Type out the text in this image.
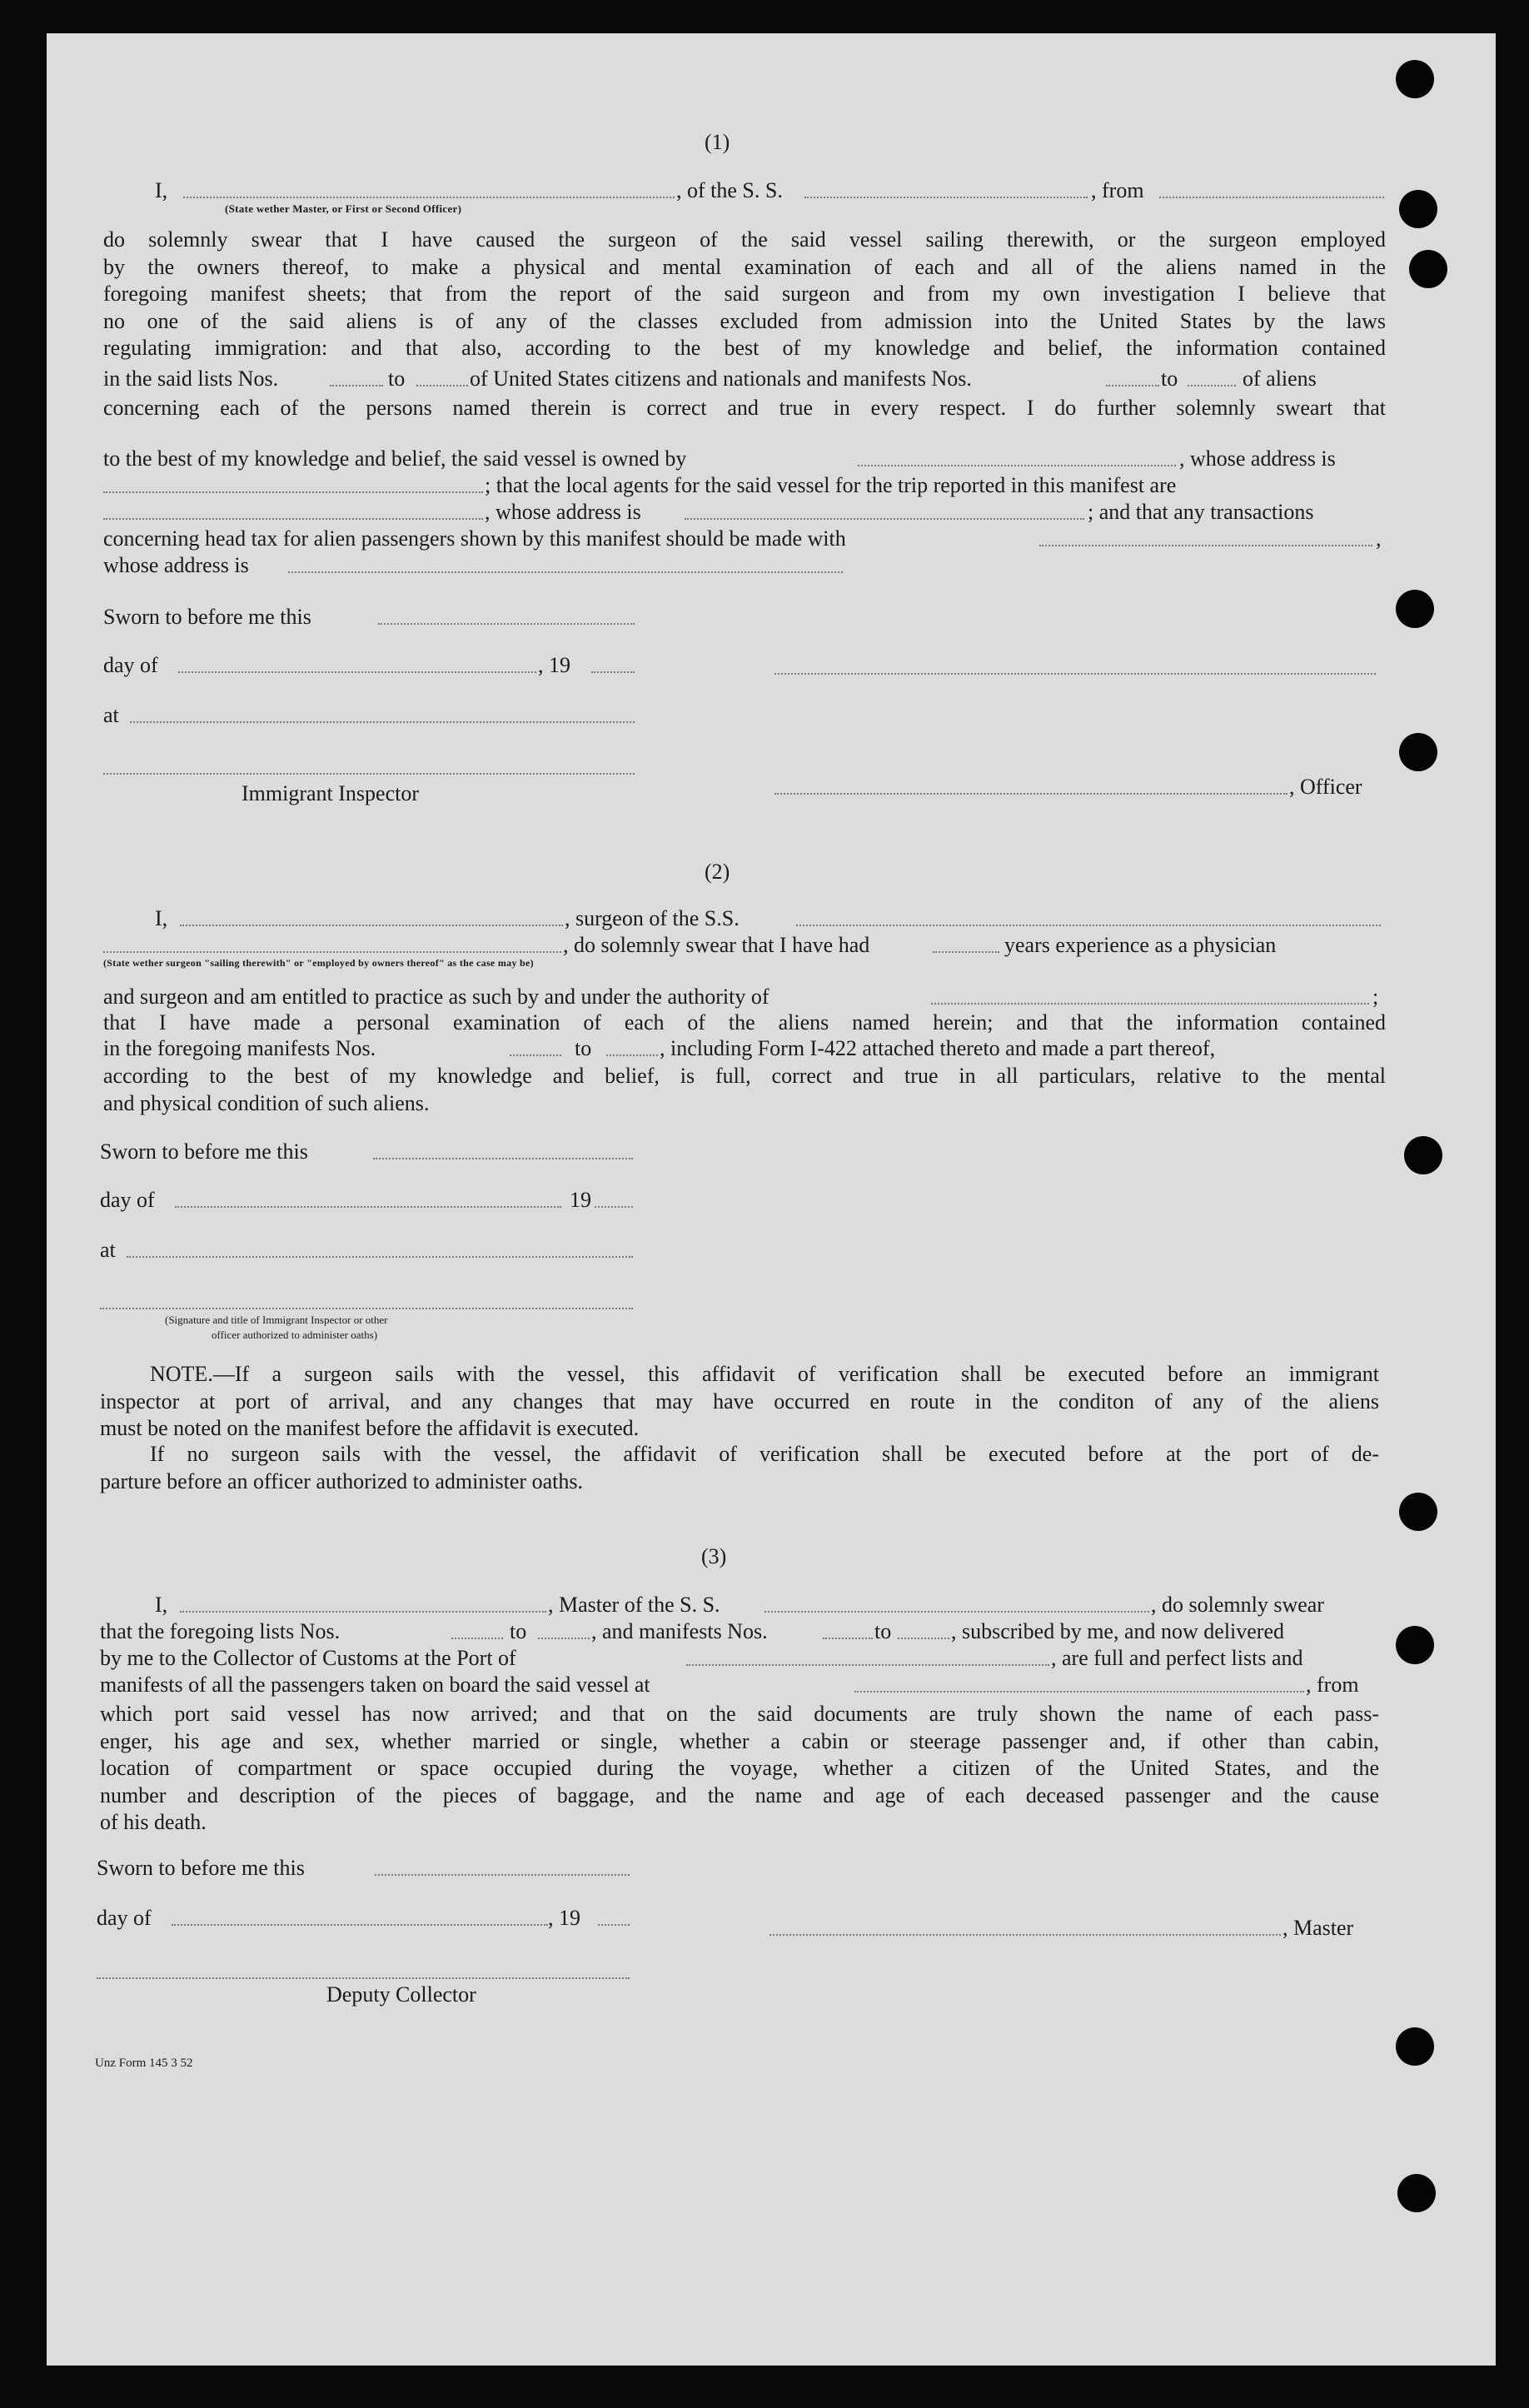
(1)
I,
(State wether Master, or First or Second Officer)
, of the S. S.	, from
do solemnly swear that I have caused the surgeon of the said vessel sailing therewith, or the surgeon employed
by the owners thereof, to make a physical and mental examination of each and all of the aliens named in the
foregoing manifest sheets; that from the report of the said surgeon and from my own investigation I believe that
no one of the said aliens is of any of the classes excluded from admission into the United States by the laws
regulating immigration: and that also, according to the best of my knowledge and belief, the information contained
in the said lists Nos.	to	of United States citizens and nationals and manifests Nos.	to	of aliens
concerning each of the persons named therein is correct and true in every respect. I do further solemnly sweart that
to the best of my knowledge and belief, the said vessel is owned by	, whose address is
; that the local agents for the said vessel for the trip reported in this manifest are
, whose address is	; and that any transactions
concerning head tax for alien passengers shown by this manifest should be made with	,
whose address is
Sworn to before me this
day of	, 19
at
Immigrant Inspector	, Officer
(2)
I,	, surgeon of the S.S.
, do solemnly swear that I have had	years experience as a physician
(State wether surgeon "sailing therewith" or "employed by owners thereof" as the case may be)
and surgeon and am entitled to practice as such by and under the authority of	;
that I have made a personal examination of each of the aliens named herein; and that the information contained
in the foregoing manifests Nos.	to	, including Form I-422 attached thereto and made a part thereof,
according to the best of my knowledge and belief, is full, correct and true in all particulars, relative to the mental
and physical condition of such aliens.
Sworn to before me this
day of	19
at
(Signature and title of Immigrant Inspector or other
officer authorized to administer oaths)
NOTE.—If a surgeon sails with the vessel, this affidavit of verification shall be executed before an immigrant
inspector at port of arrival, and any changes that may have occurred en route in the conditon of any of the aliens
must be noted on the manifest before the affidavit is executed.
If no surgeon sails with the vessel, the affidavit of verification shall be executed before at the port of de-
parture before an officer authorized to administer oaths.
(3)
I,	, Master of the S. S.	, do solemnly swear
that the foregoing lists Nos.	to	, and manifests Nos.	to	, subscribed by me, and now delivered
by me to the Collector of Customs at the Port of	, are full and perfect lists and
manifests of all the passengers taken on board the said vessel at	, from
which port said vessel has now arrived; and that on the said documents are truly shown the name of each pass-
enger, his age and sex, whether married or single, whether a cabin or steerage passenger and, if other than cabin,
location of compartment or space occupied during the voyage, whether a citizen of the United States, and the
number and description of the pieces of baggage, and the name and age of each deceased passenger and the cause
of his death.
Sworn to before me this
day of	, 19	, Master
Deputy Collector
Unz Form 145 3 52
